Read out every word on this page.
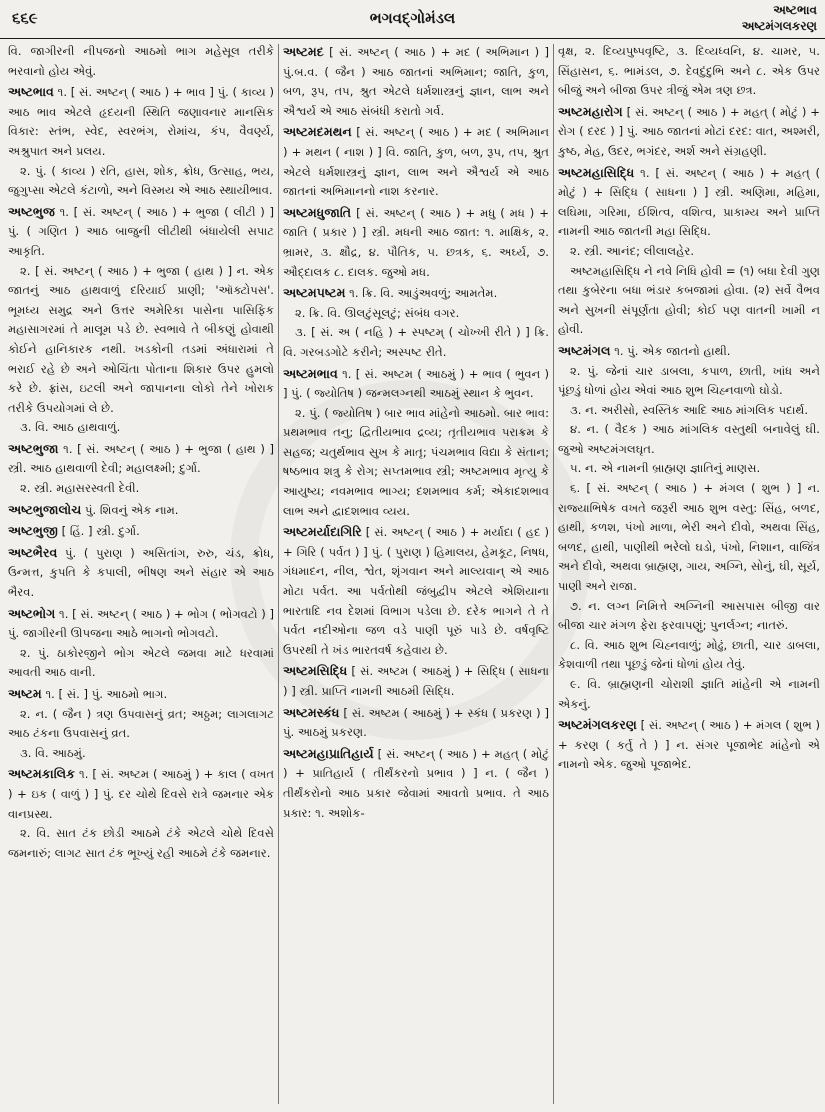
૬૬૯	ભગવદ્ગોમંડલ	અષ્ટભાવ
અષ્ટમંગલકરણ
વિ. જાગીરની નીપજનો આઠમો ભાગ મહેસૂલ તરીકે ભરવાનો હોય એવું.
અષ્ટભાવ ૧. [ સં. અષ્ટન્ ( આઠ ) + ભાવ ] પું. ( કાવ્ય ) આઠ ભાવ એટલે હૃદયની સ્થિતિ જણાવનાર માનસિક વિકાર: સ્તંભ, સ્વેદ, સ્વરભંગ, રોમાંચ, કંપ, વૈવર્ણ્ય, અશ્રુપાત અને પ્રલય.
૨. પું. ( કાવ્ય ) રતિ, હાસ, શોક, ક્રોધ, ઉત્સાહ, ભય, જુગુપ્સા એટલે કંટાળો, અને વિસ્મય એ આઠ સ્થાયીભાવ.
અષ્ટભુજ ૧. [ સં. અષ્ટન્ ( આઠ ) + ભુજા ( લીટી ) ] પું. ( ગણિત ) આઠ બાજુની લીટીથી બંધાયેલી સપાટ આકૃતિ.
૨. [ સં. અષ્ટન્ ( આઠ ) + ભુજા ( હાથ ) ] ન. એક જાતનું આઠ હાથવાળું દરિયાઈ પ્રાણી; 'ઑક્ટોપસ'. ભૂમધ્ય સમુદ્ર અને ઉત્તર અમેરિકા પાસેના પાસિફિક મહાસાગરમાં તે માલૂમ પડે છે. સ્વભાવે તે બીકણું હોવાથી કોઈને હાનિકારક નથી. ખડકોની તડમાં અંધારામાં તે ભરાઈ રહે છે અને ઓચિંતા પોતાના શિકાર ઉપર હુમલો કરે છે. ફ્રાંસ, ઇટલી અને જાપાનના લોકો તેને ખોરાક તરીકે ઉપયોગમાં લે છે.
૩. વિ. આઠ હાથવાળું.
અષ્ટભુજા ૧. [ સં. અષ્ટન્ ( આઠ ) + ભુજા ( હાથ ) ] સ્ત્રી. આઠ હાથવાળી દેવી; મહાલક્ષ્મી; દુર્ગા.
૨. સ્ત્રી. મહાસરસ્વતી દેવી.
અષ્ટભુજાલોચ પું. શિવનું એક નામ.
અષ્ટભુજી [ હિં. ] સ્ત્રી. દુર્ગા.
અષ્ટભૈરવ પું. ( પુરાણ ) અસિતાંગ, રુરુ, ચંડ, ક્રોધ, ઉન્મત્ત, કુપતિ કે કપાલી, ભીષણ અને સંહાર એ આઠ ભૈરવ.
અષ્ટભોગ ૧. [ સં. અષ્ટન્ ( આઠ ) + ભોગ ( ભોગવટો ) ] પું. જાગીરની ઊપજના આઠે ભાગનો ભોગવટો.
૨. પું. ઠાકોરજીને ભોગ એટલે જમવા માટે ધરવામાં આવતી આઠ વાની.
અષ્ટમ ૧. [ સં. ] પું. આઠમો ભાગ.
૨. ન. ( જૈન ) ત્રણ ઉપવાસનું વ્રત; અઠ્ઠમ; લાગલાગટ આઠ ટંકના ઉપવાસનું વ્રત.
૩. વિ. આઠમું.
અષ્ટમકાલિક ૧. [ સં. અષ્ટમ ( આઠમું ) + કાલ ( વખત ) + ઇક ( વાળું ) ] પું. દર ચોથે દિવસે રાત્રે જમનાર એક વાનપ્રસ્થ.
૨. વિ. સાત ટંક છોડી આઠમે ટંકે એટલે ચોથે દિવસે જમનારું; લાગટ સાત ટંક ભૂખ્યું રહી આઠમે ટંકે જમનાર.
અષ્ટમદ [ સં. અષ્ટન્ ( આઠ ) + મદ ( અભિમાન ) ] પું.બ.વ. ( જૈન ) આઠ જાતનાં અભિમાન; જાતિ, કુળ, બળ, રૂપ, તપ, શ્રુત એટલે ધર્મશાસ્ત્રનું જ્ઞાન, લાભ અને ઐશ્વર્ય એ આઠ સંબંધી કરાતો ગર્વ.
અષ્ટમદમથન [ સં. અષ્ટન્ ( આઠ ) + મદ ( અભિમાન ) + મથન ( નાશ ) ] વિ. જાતિ, કુળ, બળ, રૂપ, તપ, શ્રુત એટલે ધર્મશાસ્ત્રનું જ્ઞાન, લાભ અને ઐશ્વર્ય એ આઠ જાતનાં અભિમાનનો નાશ કરનાર.
અષ્ટમધુજાતિ [ સં. અષ્ટન્ ( આઠ ) + મધુ ( મધ ) + જાતિ ( પ્રકાર ) ] સ્ત્રી. મધની આઠ જાત: ૧. માક્ષિક, ૨. ભ્રામર, ૩. ક્ષૌદ્ર, ૪. પૌતિક, ૫. છત્રક, ૬. અર્ઘ્ય, ૭. ઔદ્દાલક ૮. દાલક. જુઓ મધ.
અષ્ટમપષ્ટમ ૧. ક્રિ. વિ. આડુંઅવળું; આમતેમ.
૨. ક્રિ. વિ. ઊલટુંસૂલટું; સંબંધ વગર.
૩. [ સં. અ ( નહિ ) + સ્પષ્ટમ્ ( ચોખ્ખી રીતે ) ] ક્રિ. વિ. ગરબડગોટે કરીને; અસ્પષ્ટ રીતે.
અષ્ટમભાવ ૧. [ સં. અષ્ટમ ( આઠમું ) + ભાવ ( ભુવન ) ] પું. ( જ્યોતિષ ) જન્મલગ્નથી આઠમું સ્થાન કે ભુવન.
૨. પું. ( જ્યોતિષ ) બાર ભાવ માંહેનો આઠમો. બાર ભાવ: પ્રથમભાવ તનુ; દ્વિતીયભાવ દ્રવ્ય; તૃતીયભાવ પરાક્રમ કે સહજ; ચતુર્થભાવ સુખ કે માતૃ; પંચમભાવ વિદ્યા કે સંતાન; ષષ્ઠભાવ શત્રુ કે રોગ; સપ્તમભાવ સ્ત્રી; અષ્ટમભાવ મૃત્યુ કે આયુષ્ય; નવમભાવ ભાગ્ય; દશમભાવ કર્મ; એકાદશભાવ લાભ અને દ્વાદશભાવ વ્યય.
અષ્ટમર્યાદાગિરિ [ સં. અષ્ટન્ ( આઠ ) + મર્યાદા ( હદ ) + ગિરિ ( પર્વત ) ] પું. ( પુરાણ ) હિમાલય, હેમકૂટ, નિષધ, ગંધમાદન, નીલ, શ્વેત, શૃંગવાન અને માલ્યવાન્ એ આઠ મોટા પર્વત. આ પર્વતોથી જંબુદ્વીપ એટલે એશિયાના ભારતાદિ નવ દેશમાં વિભાગ પડેલા છે. દરેક ભાગને તે તે પર્વત નદીઓના જળ વડે પાણી પૂરું પાડે છે. વર્ષવૃષ્ટિ ઉપરથી તે ખંડ ભારતવર્ષ કહેવાય છે.
અષ્ટમસિદ્ધિ [ સં. અષ્ટમ ( આઠમું ) + સિદ્ધિ ( સાધના ) ] સ્ત્રી. પ્રાપ્તિ નામની આઠમી સિદ્ધિ.
અષ્ટમસ્કંધ [ સં. અષ્ટમ ( આઠમું ) + સ્કંધ ( પ્રકરણ ) ] પું. આઠમું પ્રકરણ.
અષ્ટમહાપ્રાતિહાર્ય [ સં. અષ્ટન્ ( આઠ ) + મહત્ ( મોટું ) + પ્રાતિહાર્ય ( તીર્થંકરનો પ્રભાવ ) ] ન. ( જૈન ) તીર્થંકરોનો આઠ પ્રકાર જેવામાં આવતો પ્રભાવ. તે આઠ પ્રકાર: ૧. અશોક-
વૃક્ષ, ૨. દિવ્યપુષ્પવૃષ્ટિ, ૩. દિવ્યધ્વનિ, ૪. ચામર, ૫. સિંહાસન, ૬. ભામંડલ, ૭. દેવદુંદુભિ અને ૮. એક ઉપર બીજું અને બીજા ઉપર ત્રીજું એમ ત્રણ છત્ર.
અષ્ટમહારોગ [ સં. અષ્ટન્ ( આઠ ) + મહત્ ( મોટું ) + રોગ ( દરદ ) ] પું. આઠ જાતનાં મોટાં દરદ: વાત, અશ્મરી, કુષ્ઠ, મેહ, ઉદર, ભગંદર, અર્શ અને સંગ્રહણી.
અષ્ટમહાસિદ્ધિ ૧. [ સં. અષ્ટન્ ( આઠ ) + મહત્ ( મોટું ) + સિદ્ધિ ( સાધના ) ] સ્ત્રી. અણિમા, મહિમા, લઘિમા, ગરિમા, ઈશિત્વ, વશિત્વ, પ્રાકામ્ય અને પ્રાપ્તિ નામની આઠ જાતની મહા સિદ્ધિ.
૨. સ્ત્રી. આનંદ; લીલાલહેર.
અષ્ટમહાસિદ્ધિ ને નવે નિધિ હોવી = (૧) બધા દેવી ગુણ તથા કુબેરના બધા ભંડાર કબજામાં હોવા. (૨) સર્વે વૈભવ અને સુખની સંપૂર્ણતા હોવી; કોઈ પણ વાતની ખામી ન હોવી.
અષ્ટમંગલ ૧. પું. એક જાતનો હાથી.
૨. પું. જેનાં ચાર ડાબલા, કપાળ, છાતી, ખાંધ અને પૂંછડું ધોળાં હોય એવાં આઠ શુભ ચિહ્નવાળો ઘોડો.
૩. ન. અરીસો, સ્વસ્તિક આદિ આઠ માંગલિક પદાર્થ.
૪. ન. ( વૈદક ) આઠ માંગલિક વસ્તુથી બનાવેલું ઘી. જુઓ અષ્ટમંગલઘૃત.
૫. ન. એ નામની બ્રાહ્મણ જ્ઞાતિનું માણસ.
૬. [ સં. અષ્ટન્ ( આઠ ) + મંગલ ( શુભ ) ] ન. રાજ્યાભિષેક વખતે જરૂરી આઠ શુભ વસ્તુ: સિંહ, બળદ, હાથી, કળશ, પંખો માળા, ભેરી અને દીવો, અથવા સિંહ, બળદ, હાથી, પાણીથી ભરેલો ઘડો, પંખો, નિશાન, વાજિંત્ર અને દીવો, અથવા બ્રાહ્મણ, ગાય, અગ્નિ, સોનું, ઘી, સૂર્ય, પાણી અને રાજા.
૭. ન. લગ્ન નિમિત્તે અગ્નિની આસપાસ બીજી વાર બીજા ચાર મંગળ ફેરા ફરવાપણું; પુનર્લગ્ન; નાતરું.
૮. વિ. આઠ શુભ ચિહ્નવાળું; મોઢું, છાતી, ચાર ડાબલા, કેશવાળી તથા પૂછડું જેનાં ધોળાં હોય તેવું.
૯. વિ. બ્રાહ્મણની ચોરાશી જ્ઞાતિ માંહેની એ નામની એકનું.
અષ્ટમંગલકરણ [ સં. અષ્ટન્ ( આઠ ) + મંગલ ( શુભ ) + કરણ ( કર્તુ તે ) ] ન. સંગર પૂજાભેદ માંહેનો એ નામનો એક. જુઓ પૂજાભેદ.
